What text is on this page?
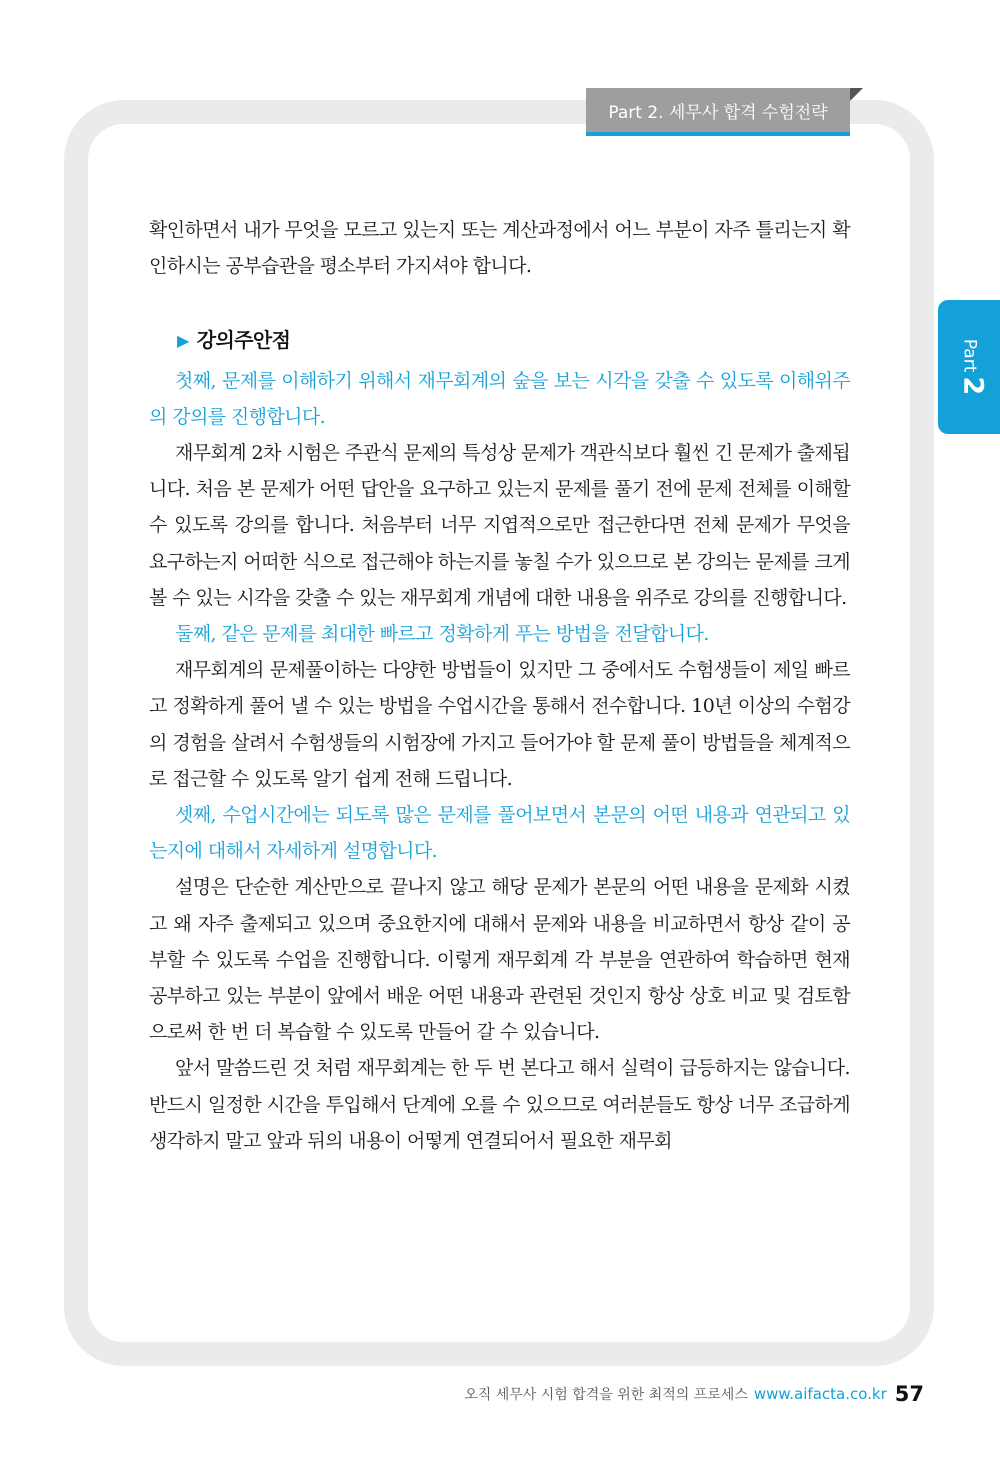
Part 2. 세무사 합격 수험전략
Part2

확인하면서 내가 무엇을 모르고 있는지 또는 계산과정에서 어느 부분이 자주 틀리는지 확인하시는 공부습관을 평소부터 가지셔야 합니다.

▶ 강의주안점

첫째, 문제를 이해하기 위해서 재무회계의 숲을 보는 시각을 갖출 수 있도록 이해위주의 강의를 진행합니다.

재무회계 2차 시험은 주관식 문제의 특성상 문제가 객관식보다 훨씬 긴 문제가 출제됩니다. 처음 본 문제가 어떤 답안을 요구하고 있는지 문제를 풀기 전에 문제 전체를 이해할 수 있도록 강의를 합니다. 처음부터 너무 지엽적으로만 접근한다면 전체 문제가 무엇을 요구하는지 어떠한 식으로 접근해야 하는지를 놓칠 수가 있으므로 본 강의는 문제를 크게 볼 수 있는 시각을 갖출 수 있는 재무회계 개념에 대한 내용을 위주로 강의를 진행합니다.

둘째, 같은 문제를 최대한 빠르고 정확하게 푸는 방법을 전달합니다.

재무회계의 문제풀이하는 다양한 방법들이 있지만 그 중에서도 수험생들이 제일 빠르고 정확하게 풀어 낼 수 있는 방법을 수업시간을 통해서 전수합니다. 10년 이상의 수험강의 경험을 살려서 수험생들의 시험장에 가지고 들어가야 할 문제 풀이 방법들을 체계적으로 접근할 수 있도록 알기 쉽게 전해 드립니다.

셋째, 수업시간에는 되도록 많은 문제를 풀어보면서 본문의 어떤 내용과 연관되고 있는지에 대해서 자세하게 설명합니다.

설명은 단순한 계산만으로 끝나지 않고 해당 문제가 본문의 어떤 내용을 문제화 시켰고 왜 자주 출제되고 있으며 중요한지에 대해서 문제와 내용을 비교하면서 항상 같이 공부할 수 있도록 수업을 진행합니다. 이렇게 재무회계 각 부분을 연관하여 학습하면 현재 공부하고 있는 부분이 앞에서 배운 어떤 내용과 관련된 것인지 항상 상호 비교 및 검토함으로써 한 번 더 복습할 수 있도록 만들어 갈 수 있습니다.

앞서 말씀드린 것 처럼 재무회계는 한 두 번 본다고 해서 실력이 급등하지는 않습니다. 반드시 일정한 시간을 투입해서 단계에 오를 수 있으므로 여러분들도 항상 너무 조급하게 생각하지 말고 앞과 뒤의 내용이 어떻게 연결되어서 필요한 재무회

오직 세무사 시험 합격을 위한 최적의 프로세스 www.aifacta.co.kr 57
